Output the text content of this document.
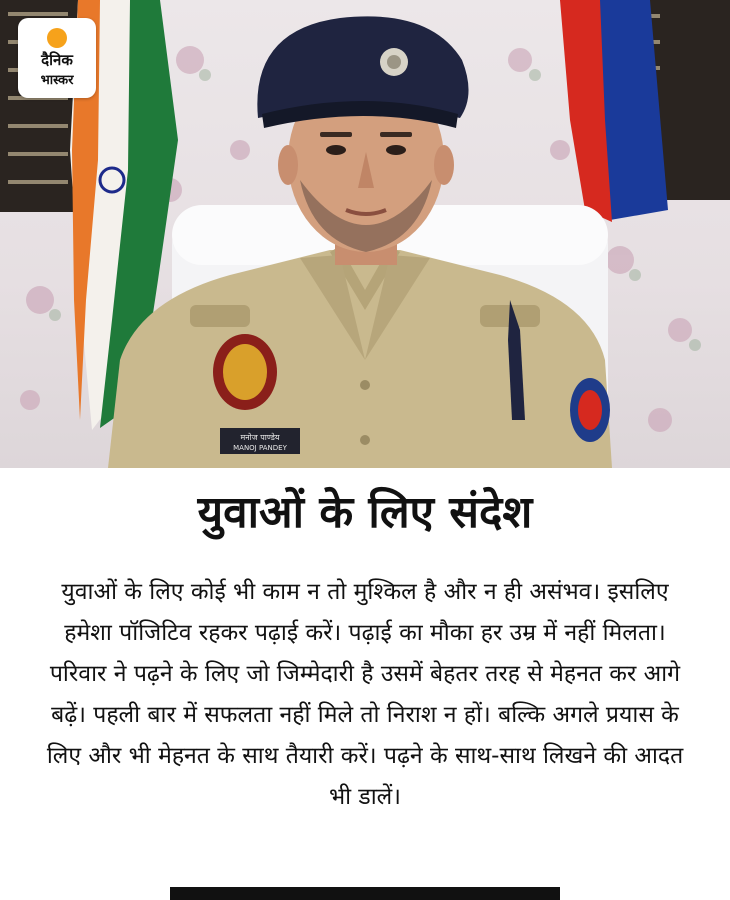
मनोज पाण्डेय
MANOJ PANDEY
दैनिक
भास्कर
युवाओं के लिए संदेश
युवाओं के लिए कोई भी काम न तो मुश्किल है और न ही असंभव। इसलिए हमेशा पॉजिटिव रहकर पढ़ाई करें। पढ़ाई का मौका हर उम्र में नहीं मिलता। परिवार ने पढ़ने के लिए जो जिम्मेदारी है उसमें बेहतर तरह से मेहनत कर आगे बढ़ें। पहली बार में सफलता नहीं मिले तो निराश न हों। बल्कि अगले प्रयास के लिए और भी मेहनत के साथ तैयारी करें। पढ़ने के साथ-साथ लिखने की आदत भी डालें।
